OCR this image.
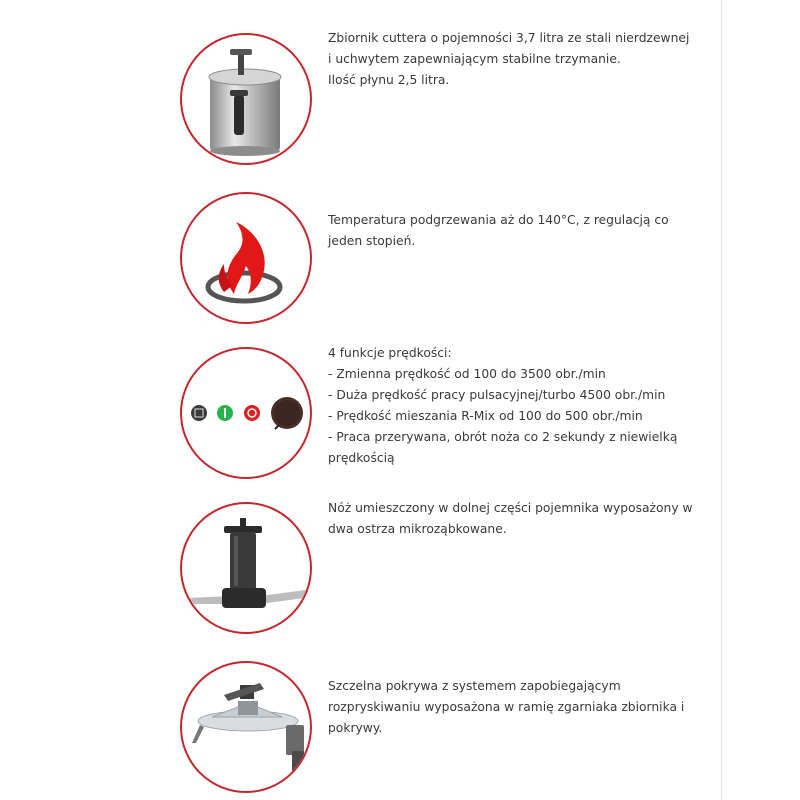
Zbiornik cuttera o pojemności 3,7 litra ze stali nierdzewnej

i uchwytem zapewniającym stabilne trzymanie.

Ilość płynu 2,5 litra.

Temperatura podgrzewania aż do 140°C, z regulacją co

jeden stopień.

4 funkcje prędkości:

- Zmienna prędkość od 100 do 3500 obr./min
- Duża prędkość pracy pulsacyjnej/turbo 4500 obr./min
- Prędkość mieszania R-Mix od 100 do 500 obr./min
- Praca przerywana, obrót noża co 2 sekundy z niewielką
prędkością

Nóż umieszczony w dolnej części pojemnika wyposażony w

dwa ostrza mikroząbkowane.

Szczelna pokrywa z systemem zapobiegającym

rozpryskiwaniu wyposażona w ramię zgarniaka zbiornika i

pokrywy.
